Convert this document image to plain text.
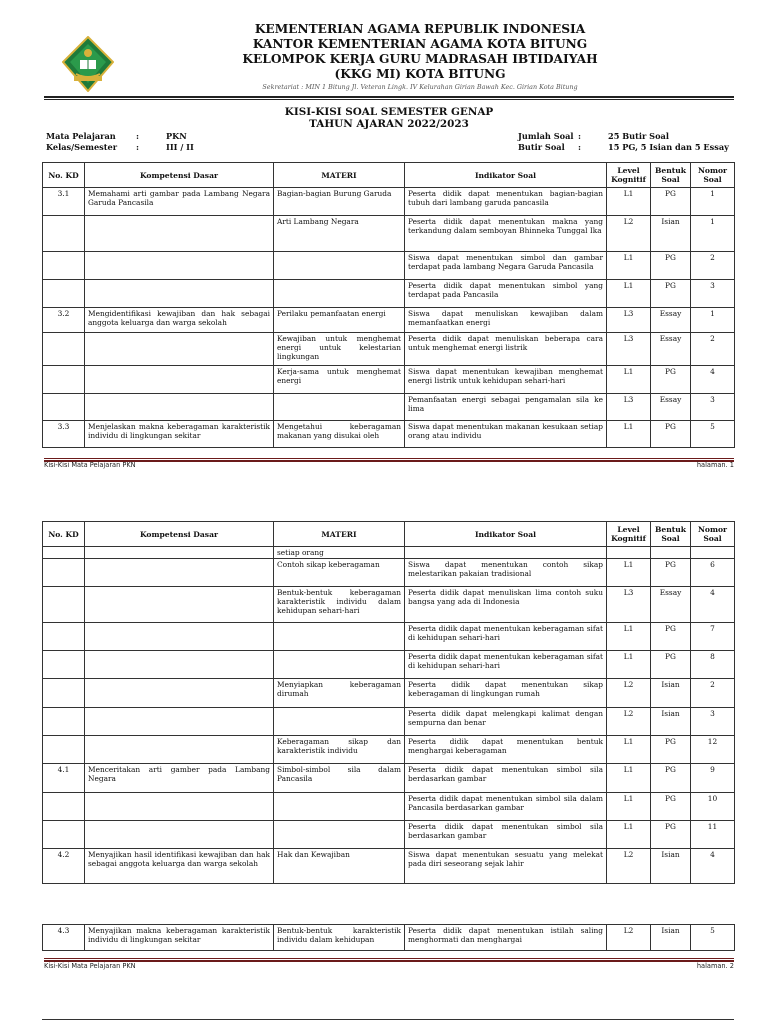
KEMENTERIAN AGAMA REPUBLIK INDONESIA
KANTOR KEMENTERIAN AGAMA KOTA BITUNG
KELOMPOK KERJA GURU MADRASAH IBTIDAIYAH
(KKG MI) KOTA BITUNG
Sekretariat : MIN 1 Bitung Jl. Veteran Lingk. IV Kelurahan Girian Bawah Kec. Girian Kota Bitung
KISI-KISI SOAL SEMESTER GENAP
TAHUN AJARAN 2022/2023
Mata Pelajaran :	PKN
Kelas/Semester :	III / II
Jumlah Soal :	25 Butir Soal
Butir Soal :	15 PG, 5 Isian dan 5 Essay
No. KD	Kompetensi Dasar	MATERI	Indikator Soal	Level Kognitif	Bentuk Soal	Nomor Soal
3.1	Memahami arti gambar pada Lambang Negara Garuda Pancasila	Bagian-bagian Burung Garuda	Peserta didik dapat menentukan bagian-bagian tubuh dari lambang garuda pancasila	L1	PG	1
		Arti Lambang Negara	Peserta didik dapat menentukan makna yang terkandung dalam semboyan Bhinneka Tunggal Ika	L2	Isian	1
			Siswa dapat menentukan simbol dan gambar terdapat pada lambang Negara Garuda Pancasila	L1	PG	2
			Peserta didik dapat menentukan simbol yang terdapat pada Pancasila	L1	PG	3
3.2	Mengidentifikasi kewajiban dan hak sebagai anggota keluarga dan warga sekolah	Perilaku pemanfaatan energi	Siswa dapat menuliskan kewajiban dalam memanfaatkan energi	L3	Essay	1
		Kewajiban untuk menghemat energi untuk kelestarian lingkungan	Peserta didik dapat menuliskan beberapa cara untuk menghemat energi listrik	L3	Essay	2
		Kerja-sama untuk menghemat energi	Siswa dapat menentukan kewajiban menghemat energi listrik untuk kehidupan sehari-hari	L1	PG	4
			Pemanfaatan energi sebagai pengamalan sila ke lima	L3	Essay	3
3.3	Menjelaskan makna keberagaman karakteristik individu di lingkungan sekitar	Mengetahui keberagaman makanan yang disukai oleh	Siswa dapat menentukan makanan kesukaan setiap orang atau individu	L1	PG	5
Kisi-Kisi Mata Pelajaran PKN	halaman. 1
No. KD	Kompetensi Dasar	MATERI	Indikator Soal	Level Kognitif	Bentuk Soal	Nomor Soal
		setiap orang				
		Contoh sikap keberagaman	Siswa dapat menentukan contoh sikap melestarikan pakaian tradisional	L1	PG	6
		Bentuk-bentuk keberagaman karakteristik individu dalam kehidupan sehari-hari	Peserta didik dapat menuliskan lima contoh suku bangsa yang ada di Indonesia	L3	Essay	4
			Peserta didik dapat menentukan keberagaman sifat di kehidupan sehari-hari	L1	PG	7
			Peserta didik dapat menentukan keberagaman sifat di kehidupan sehari-hari	L1	PG	8
		Menyiapkan keberagaman dirumah	Peserta didik dapat menentukan sikap keberagaman di lingkungan rumah	L2	Isian	2
			Peserta didik dapat melengkapi kalimat dengan sempurna dan benar	L2	Isian	3
		Keberagaman sikap dan karakteristik individu	Peserta didik dapat menentukan bentuk menghargai keberagaman	L1	PG	12
4.1	Menceritakan arti gamber pada Lambang Negara	Simbol-simbol sila dalam Pancasila	Peserta didik dapat menentukan simbol sila berdasarkan gambar	L1	PG	9
			Peserta didik dapat menentukan simbol sila dalam Pancasila berdasarkan gambar	L1	PG	10
			Peserta didik dapat menentukan simbol sila berdasarkan gambar	L1	PG	11
4.2	Menyajikan hasil identifikasi kewajiban dan hak sebagai anggota keluarga dan warga sekolah	Hak dan Kewajiban	Siswa dapat menentukan sesuatu yang melekat pada diri seseorang sejak lahir	L2	Isian	4
4.3	Menyajikan makna keberagaman karakteristik individu di lingkungan sekitar	Bentuk-bentuk karakteristik individu dalam kehidupan	Peserta didik dapat menentukan istilah saling menghormati dan menghargai	L2	Isian	5
Kisi-Kisi Mata Pelajaran PKN	halaman. 2
